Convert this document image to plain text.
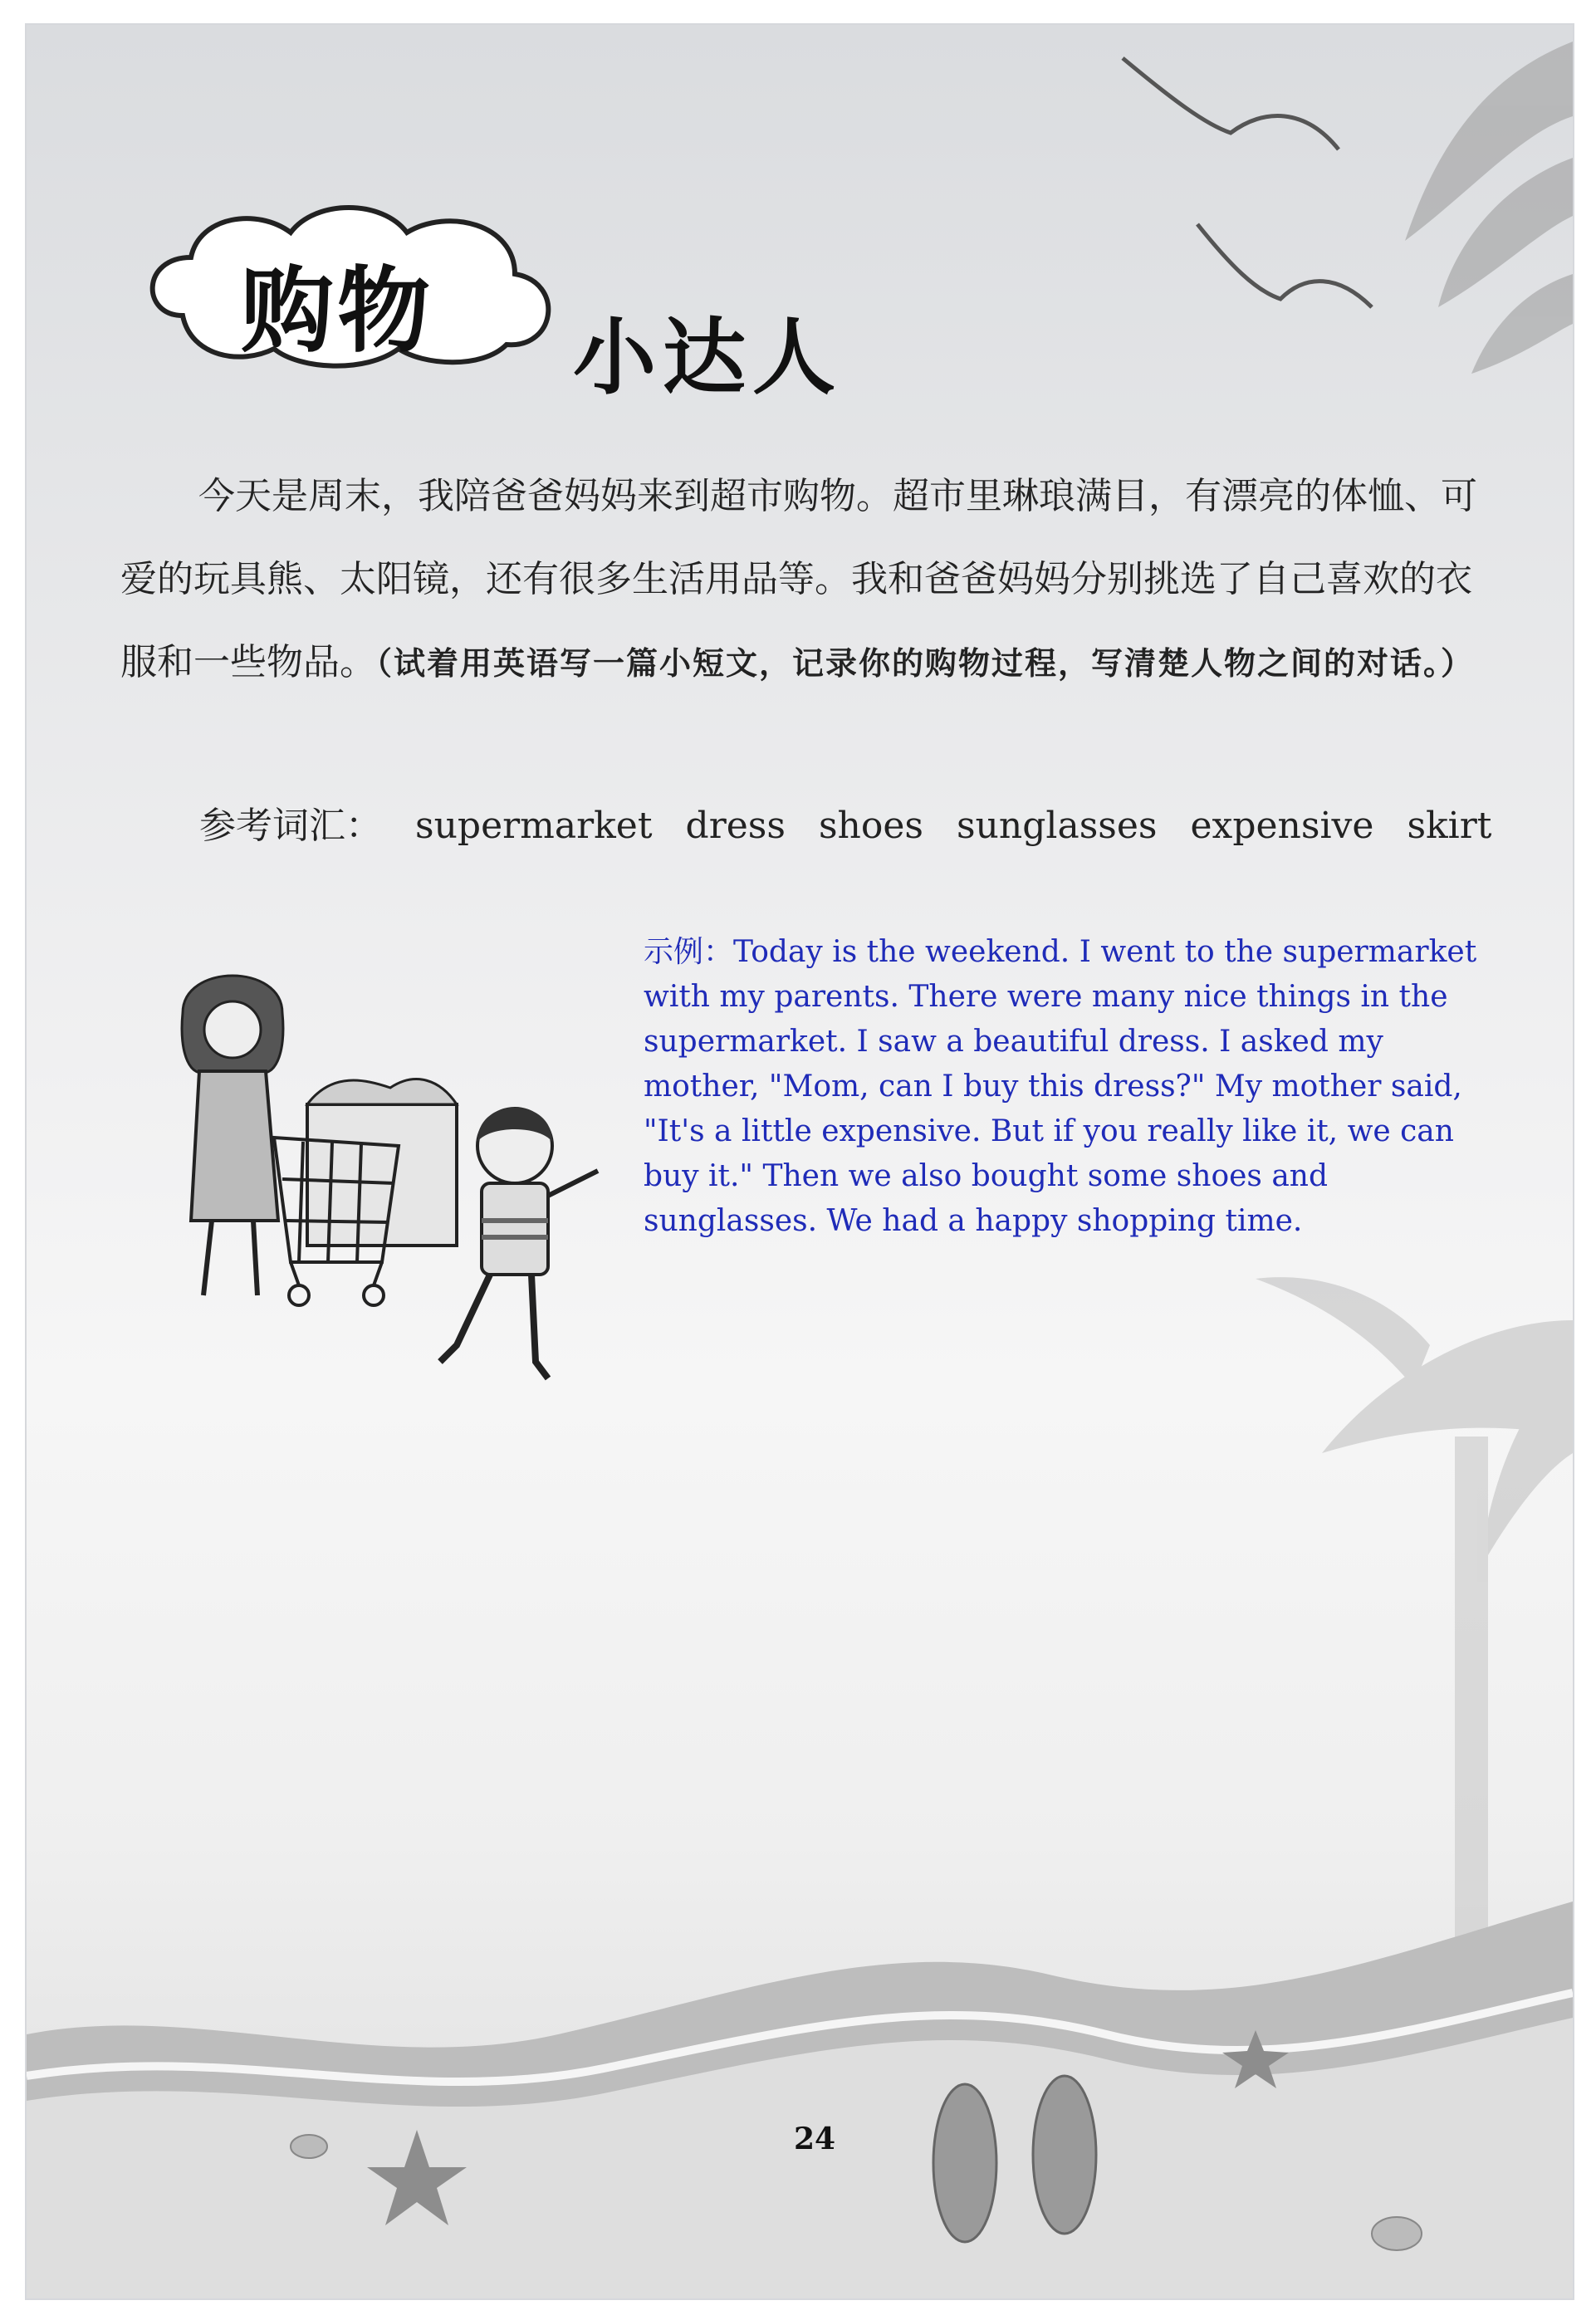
购物 小达人

今天是周末，我陪爸爸妈妈来到超市购物。超市里琳琅满目，有漂亮的体恤、可爱的玩具熊、太阳镜，还有很多生活用品等。我和爸爸妈妈分别挑选了自己喜欢的衣服和一些物品。（试着用英语写一篇小短文，记录你的购物过程，写清楚人物之间的对话。）

参考词汇： supermarket dress shoes sunglasses expensive skirt
示例：Today is the weekend. I went to the supermarket with my parents. There were many nice things in the supermarket. I saw a beautiful dress. I asked my mother, "Mom, can I buy this dress?" My mother said, "It's a little expensive. But if you really like it, we can buy it." Then we also bought some shoes and sunglasses. We had a happy shopping time.
24
